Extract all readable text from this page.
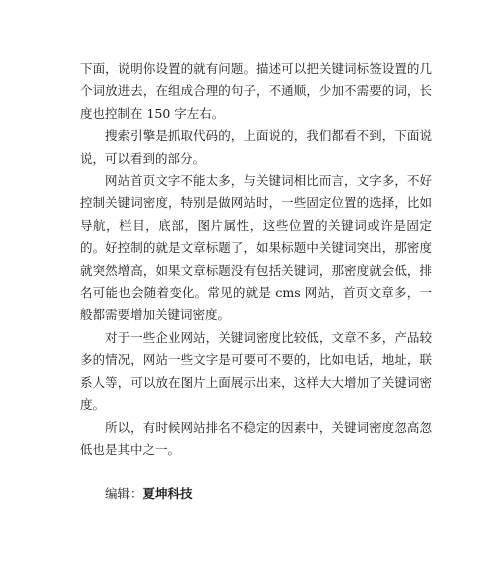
下面，说明你设置的就有问题。描述可以把关键词标签设置的几个词放进去，在组成合理的句子，不通顺，少加不需要的词，长度也控制在 150 字左右。

搜索引擎是抓取代码的，上面说的，我们都看不到，下面说说，可以看到的部分。

网站首页文字不能太多，与关键词相比而言，文字多，不好控制关键词密度，特别是做网站时，一些固定位置的选择，比如导航，栏目，底部，图片属性，这些位置的关键词或许是固定的。好控制的就是文章标题了，如果标题中关键词突出，那密度就突然增高，如果文章标题没有包括关键词，那密度就会低，排名可能也会随着变化。常见的就是 cms 网站，首页文章多，一般都需要增加关键词密度。

对于一些企业网站，关键词密度比较低，文章不多，产品较多的情况，网站一些文字是可要可不要的，比如电话，地址，联系人等，可以放在图片上面展示出来，这样大大增加了关键词密度。

所以，有时候网站排名不稳定的因素中，关键词密度忽高忽低也是其中之一。

编辑：夏坤科技
